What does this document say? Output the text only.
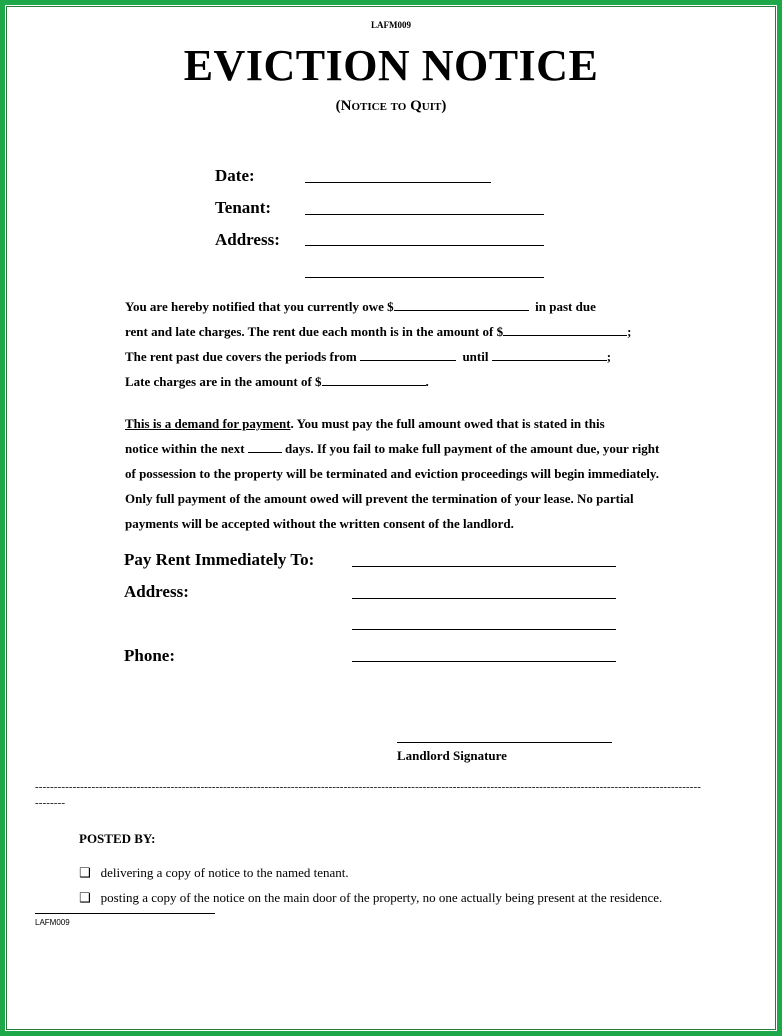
LAFM009
EVICTION NOTICE
(Notice to Quit)
Date:
Tenant:
Address:
You are hereby notified that you currently owe $	in past due
rent and late charges. The rent due each month is in the amount of $	;
The rent past due covers the periods from	until	;
Late charges are in the amount of $	.
This is a demand for payment. You must pay the full amount owed that is stated in this
notice within the next	days. If you fail to make full payment of the amount due, your right
of possession to the property will be terminated and eviction proceedings will begin immediately.
Only full payment of the amount owed will prevent the termination of your lease. No partial
payments will be accepted without the written consent of the landlord.
Pay Rent Immediately To:
Address:
Phone:
Landlord Signature
---------------------------------------------------------------------------------------------------------------------------------------------------------------------------------
--------
POSTED BY:
❑ delivering a copy of notice to the named tenant.
❑ posting a copy of the notice on the main door of the property, no one actually being present at the residence.
LAFM009
